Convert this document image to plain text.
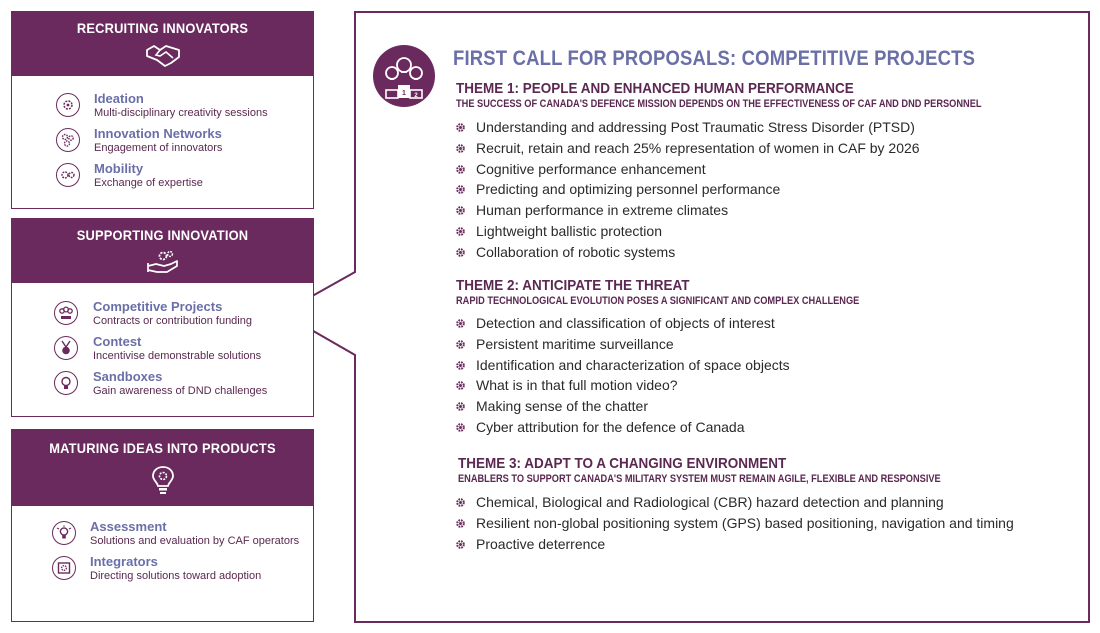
RECRUITING INNOVATORS
Ideation
Multi-disciplinary creativity sessions
Innovation Networks
Engagement of innovators
Mobility
Exchange of expertise
SUPPORTING INNOVATION
Competitive Projects
Contracts or contribution funding
Contest
Incentivise demonstrable solutions
Sandboxes
Gain awareness of DND challenges
MATURING IDEAS INTO PRODUCTS
Assessment
Solutions and evaluation by CAF operators
Integrators
Directing solutions toward adoption
1 2
FIRST CALL FOR PROPOSALS: COMPETITIVE PROJECTS
THEME 1: PEOPLE AND ENHANCED HUMAN PERFORMANCE
THE SUCCESS OF CANADA'S DEFENCE MISSION DEPENDS ON THE EFFECTIVENESS OF CAF AND DND PERSONNEL
Understanding and addressing Post Traumatic Stress Disorder (PTSD)
Recruit, retain and reach 25% representation of women in CAF by 2026
Cognitive performance enhancement
Predicting and optimizing personnel performance
Human performance in extreme climates
Lightweight ballistic protection
Collaboration of robotic systems
THEME 2: ANTICIPATE THE THREAT
RAPID TECHNOLOGICAL EVOLUTION POSES A SIGNIFICANT AND COMPLEX CHALLENGE
Detection and classification of objects of interest
Persistent maritime surveillance
Identification and characterization of space objects
What is in that full motion video?
Making sense of the chatter
Cyber attribution for the defence of Canada
THEME 3: ADAPT TO A CHANGING ENVIRONMENT
ENABLERS TO SUPPORT CANADA'S MILITARY SYSTEM MUST REMAIN AGILE, FLEXIBLE AND RESPONSIVE
Chemical, Biological and Radiological (CBR) hazard detection and planning
Resilient non-global positioning system (GPS) based positioning, navigation and timing
Proactive deterrence
